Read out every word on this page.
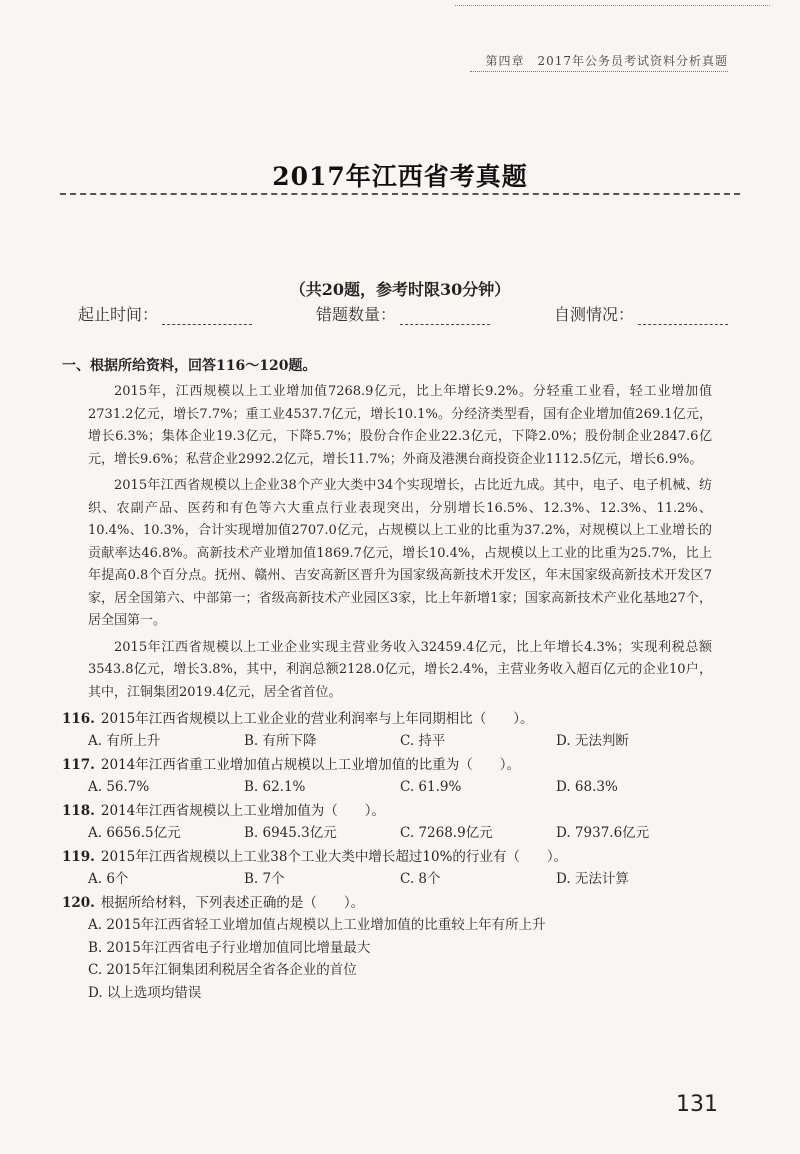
第四章　2017年公务员考试资料分析真题
2017年江西省考真题
（共20题，参考时限30分钟）
起止时间：	错题数量：	自测情况：

一、根据所给资料，回答116～120题。

2015年，江西规模以上工业增加值7268.9亿元，比上年增长9.2%。分轻重工业看，轻工业增加值2731.2亿元，增长7.7%；重工业4537.7亿元，增长10.1%。分经济类型看，国有企业增加值269.1亿元，增长6.3%；集体企业19.3亿元，下降5.7%；股份合作企业22.3亿元，下降2.0%；股份制企业2847.6亿元，增长9.6%；私营企业2992.2亿元，增长11.7%；外商及港澳台商投资企业1112.5亿元，增长6.9%。

2015年江西省规模以上企业38个产业大类中34个实现增长，占比近九成。其中，电子、电子机械、纺织、农副产品、医药和有色等六大重点行业表现突出，分别增长16.5%、12.3%、12.3%、11.2%、10.4%、10.3%，合计实现增加值2707.0亿元，占规模以上工业的比重为37.2%，对规模以上工业增长的贡献率达46.8%。高新技术产业增加值1869.7亿元，增长10.4%，占规模以上工业的比重为25.7%，比上年提高0.8个百分点。抚州、赣州、吉安高新区晋升为国家级高新技术开发区，年末国家级高新技术开发区7家，居全国第六、中部第一；省级高新技术产业园区3家，比上年新增1家；国家高新技术产业化基地27个，居全国第一。

2015年江西省规模以上工业企业实现主营业务收入32459.4亿元，比上年增长4.3%；实现利税总额3543.8亿元，增长3.8%，其中，利润总额2128.0亿元，增长2.4%，主营业务收入超百亿元的企业10户，其中，江铜集团2019.4亿元，居全省首位。

116. 2015年江西省规模以上工业企业的营业利润率与上年同期相比（　　）。

A. 有所上升	B. 有所下降	C. 持平	D. 无法判断

117. 2014年江西省重工业增加值占规模以上工业增加值的比重为（　　）。

A. 56.7%	B. 62.1%	C. 61.9%	D. 68.3%

118. 2014年江西省规模以上工业增加值为（　　）。

A. 6656.5亿元	B. 6945.3亿元	C. 7268.9亿元	D. 7937.6亿元

119. 2015年江西省规模以上工业38个工业大类中增长超过10%的行业有（　　）。

A. 6个	B. 7个	C. 8个	D. 无法计算

120. 根据所给材料，下列表述正确的是（　　）。

A. 2015年江西省轻工业增加值占规模以上工业增加值的比重较上年有所上升
B. 2015年江西省电子行业增加值同比增量最大
C. 2015年江铜集团利税居全省各企业的首位
D. 以上选项均错误
131
